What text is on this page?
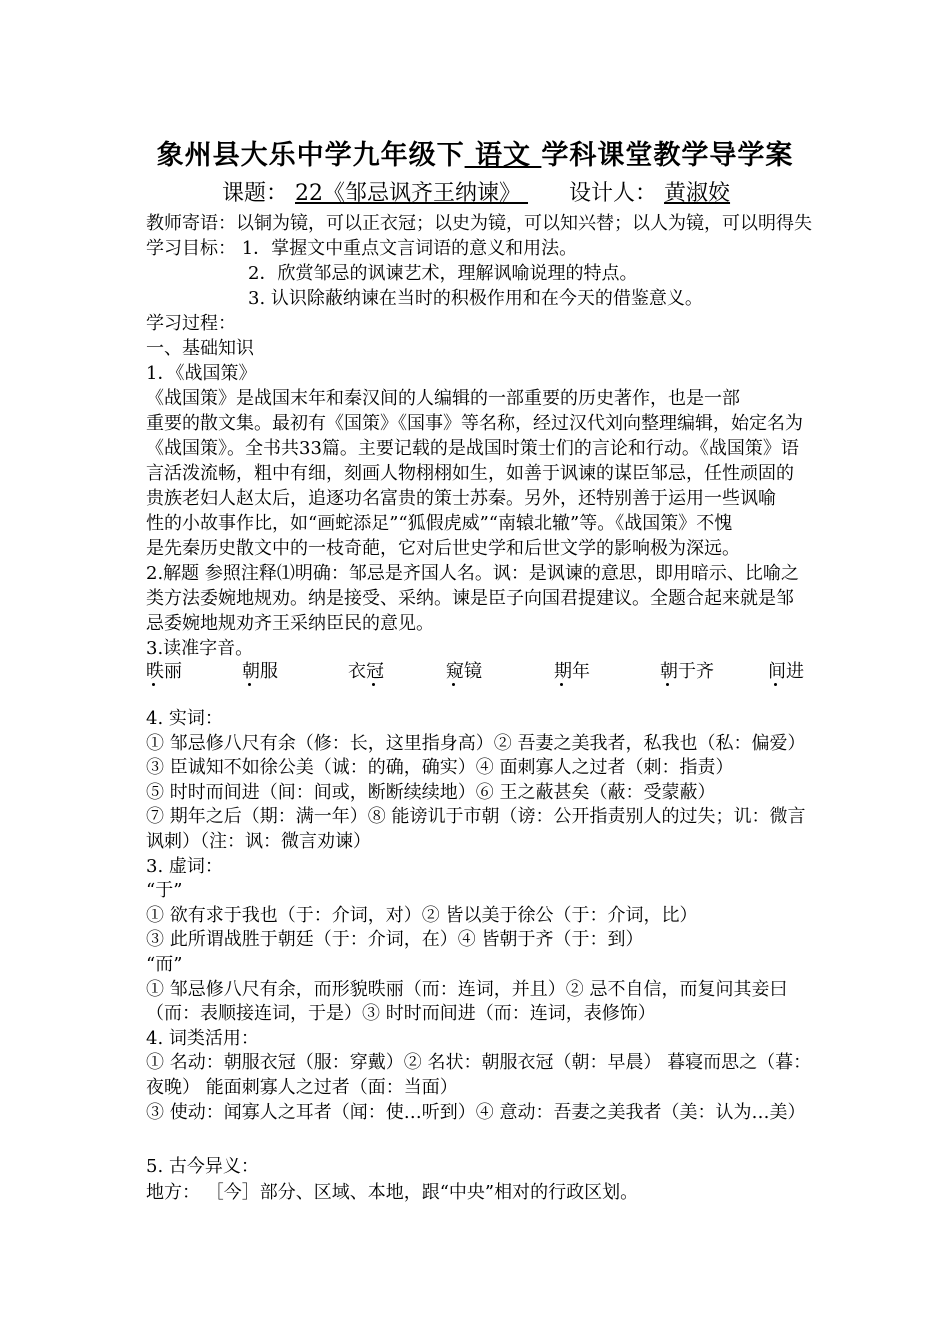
象州县大乐中学九年级下 语文 学科课堂教学导学案
课题： 22《邹忌讽齐王纳谏》  设计人： 黄淑姣
教师寄语：以铜为镜，可以正衣冠；以史为镜，可以知兴替；以人为镜，可以明得失
学习目标： 1．掌握文中重点文言词语的意义和用法。
2．欣赏邹忌的讽谏艺术，理解讽喻说理的特点。
3. 认识除蔽纳谏在当时的积极作用和在今天的借鉴意义。
学习过程：
一、基础知识
1．《战国策》
《战国策》是战国末年和秦汉间的人编辑的一部重要的历史著作，也是一部
重要的散文集。最初有《国策》《国事》等名称，经过汉代刘向整理编辑，始定名为
《战国策》。全书共33篇。主要记载的是战国时策士们的言论和行动。《战国策》语
言活泼流畅，粗中有细，刻画人物栩栩如生，如善于讽谏的谋臣邹忌，任性顽固的
贵族老妇人赵太后，追逐功名富贵的策士苏秦。另外，还特别善于运用一些讽喻
性的小故事作比，如“画蛇添足”“狐假虎威”“南辕北辙”等。《战国策》不愧
是先秦历史散文中的一枝奇葩，它对后世史学和后世文学的影响极为深远。
2.解题 参照注释⑴明确：邹忌是齐国人名。讽：是讽谏的意思，即用暗示、比喻之
类方法委婉地规劝。纳是接受、采纳。谏是臣子向国君提建议。全题合起来就是邹
忌委婉地规劝齐王采纳臣民的意见。
3.读准字音。
4. 实词：
① 邹忌修八尺有余（修：长，这里指身高）② 吾妻之美我者，私我也（私：偏爱）
③ 臣诚知不如徐公美（诚：的确，确实）④ 面刺寡人之过者（刺：指责）
⑤ 时时而间进（间：间或，断断续续地）⑥ 王之蔽甚矣（蔽：受蒙蔽）
⑦ 期年之后（期：满一年）⑧ 能谤讥于市朝（谤：公开指责别人的过失；讥：微言
讽刺）（注：讽：微言劝谏）
3. 虚词：
“于”
① 欲有求于我也（于：介词，对）② 皆以美于徐公（于：介词，比）
③ 此所谓战胜于朝廷（于：介词，在）④ 皆朝于齐（于：到）
“而”
① 邹忌修八尺有余，而形貌昳丽（而：连词，并且）② 忌不自信，而复问其妾曰
（而：表顺接连词，于是）③ 时时而间进（而：连词，表修饰）
4. 词类活用：
① 名动：朝服衣冠（服：穿戴）② 名状：朝服衣冠（朝：早晨） 暮寝而思之（暮：
夜晚） 能面刺寡人之过者（面：当面）
③ 使动：闻寡人之耳者（闻：使…听到）④ 意动：吾妻之美我者（美：认为…美）
5. 古今异义：
地方： ［今］部分、区域、本地，跟“中央”相对的行政区划。
昳丽	朝服	衣冠	窥镜	期年	朝于齐	间进
